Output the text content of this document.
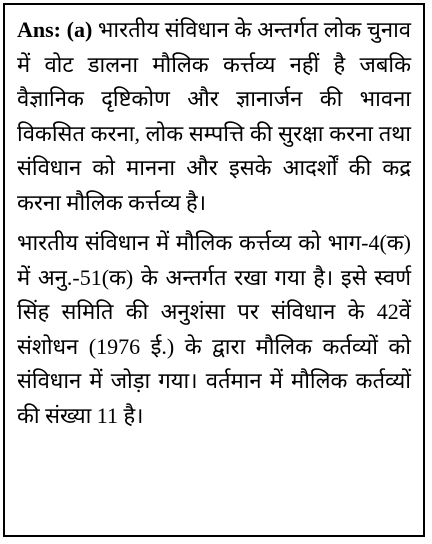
Ans: (a) भारतीय संविधान के अन्तर्गत लोक चुनाव में वोट डालना मौलिक कर्त्तव्य नहीं है जबकि वैज्ञानिक दृष्टिकोण और ज्ञानार्जन की भावना विकसित करना, लोक सम्पत्ति की सुरक्षा करना तथा संविधान को मानना और इसके आदर्शों की कद्र करना मौलिक कर्त्तव्य है।

भारतीय संविधान में मौलिक कर्त्तव्य को भाग-4(क) में अनु.-51(क) के अन्तर्गत रखा गया है। इसे स्वर्ण सिंह समिति की अनुशंसा पर संविधान के 42वें संशोधन (1976 ई.) के द्वारा मौलिक कर्तव्यों को संविधान में जोड़ा गया। वर्तमान में मौलिक कर्तव्यों की संख्या 11 है।
